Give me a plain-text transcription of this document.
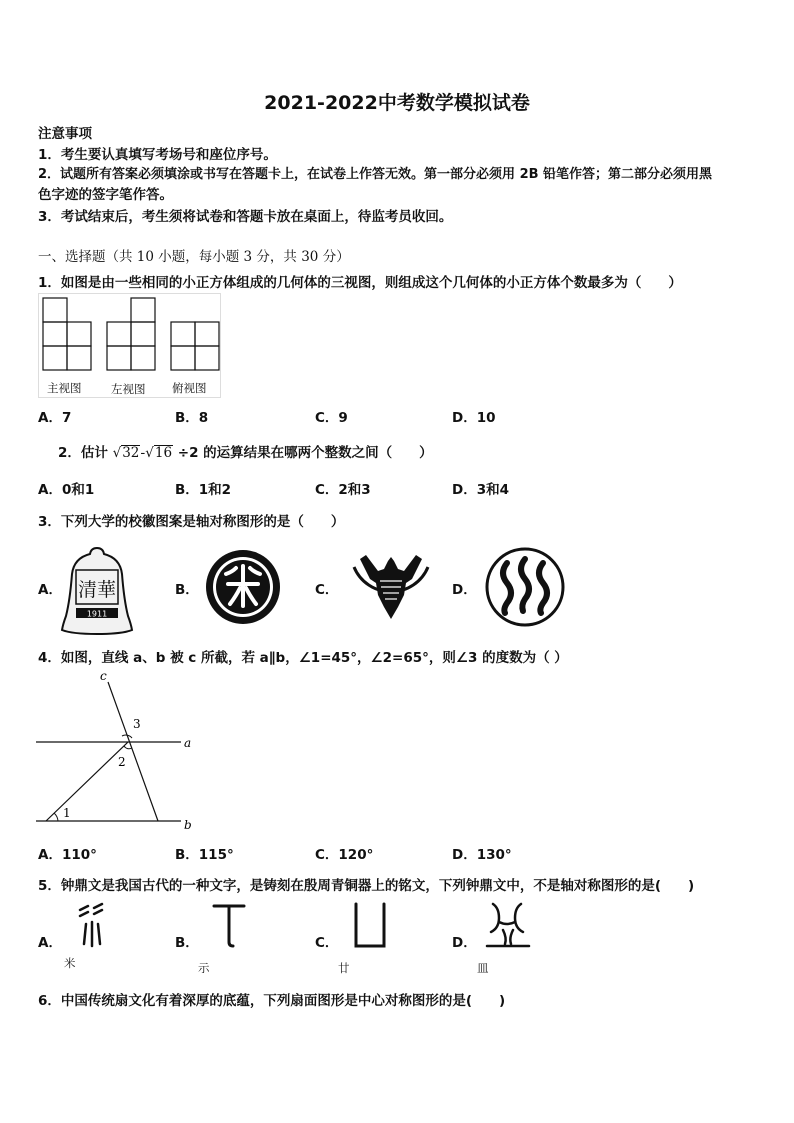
2021-2022中考数学模拟试卷
注意事项
1．考生要认真填写考场号和座位序号。
2．试题所有答案必须填涂或书写在答题卡上，在试卷上作答无效。第一部分必须用 2B 铅笔作答；第二部分必须用黑
色字迹的签字笔作答。
3．考试结束后，考生须将试卷和答题卡放在桌面上，待监考员收回。
一、选择题（共 10 小题，每小题 3 分，共 30 分）
1．如图是由一些相同的小正方体组成的几何体的三视图，则组成这个几何体的小正方体个数最多为（　　）
主视图	左视图 俯视图
A．7	B．8	C．9	D．10
2．估计 √32-√16 ÷2 的运算结果在哪两个整数之间（　　）
A．0和1	B．1和2	C．2和3	D．3和4
3．下列大学的校徽图案是轴对称图形的是（　　）
A． 清華
1911
B．	C．	D．
4．如图，直线 a、b 被 c 所截，若 a∥b，∠1=45°，∠2=65°，则∠3 的度数为（ ）
c
a
b
1
2
3
A．110°	B．115°	C．120°	D．130°
5．钟鼎文是我国古代的一种文字，是铸刻在殷周青铜器上的铭文，下列钟鼎文中，不是轴对称图形的是(　　)
A．
米
B．
示
C．
廿
D．
皿
6．中国传统扇文化有着深厚的底蕴，下列扇面图形是中心对称图形的是(　　)
